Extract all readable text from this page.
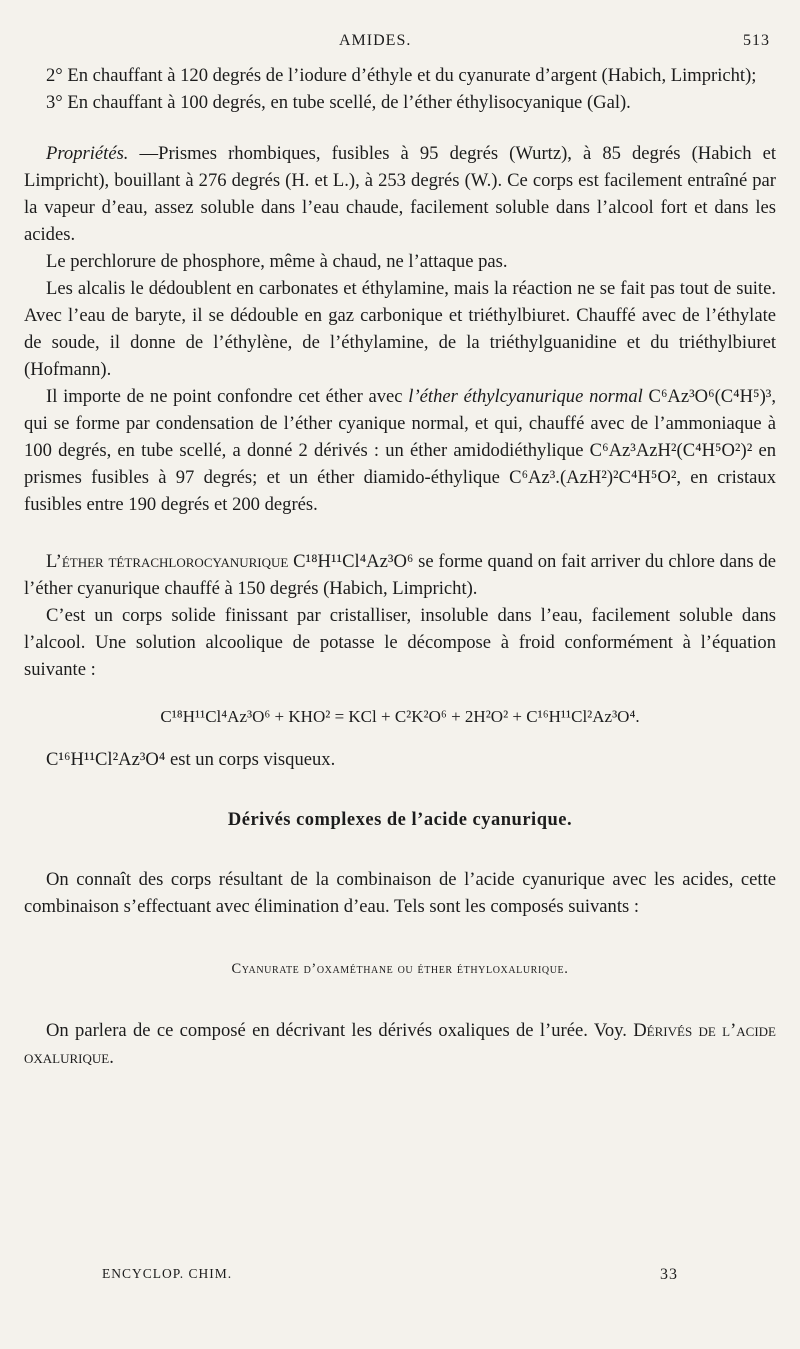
AMIDES.	513

2° En chauffant à 120 degrés de l’iodure d’éthyle et du cyanurate d’argent (Habich, Limpricht);

3° En chauffant à 100 degrés, en tube scellé, de l’éther éthylisocyanique (Gal).

Propriétés. —Prismes rhombiques, fusibles à 95 degrés (Wurtz), à 85 degrés (Habich et Limpricht), bouillant à 276 degrés (H. et L.), à 253 degrés (W.). Ce corps est facilement entraîné par la vapeur d’eau, assez soluble dans l’eau chaude, facilement soluble dans l’alcool fort et dans les acides.

Le perchlorure de phosphore, même à chaud, ne l’attaque pas.

Les alcalis le dédoublent en carbonates et éthylamine, mais la réaction ne se fait pas tout de suite. Avec l’eau de baryte, il se dédouble en gaz carbonique et triéthylbiuret. Chauffé avec de l’éthylate de soude, il donne de l’éthylène, de l’éthylamine, de la triéthylguanidine et du triéthylbiuret (Hofmann).

Il importe de ne point confondre cet éther avec l’éther éthylcyanurique normal C⁶Az³O⁶(C⁴H⁵)³, qui se forme par condensation de l’éther cyanique normal, et qui, chauffé avec de l’ammoniaque à 100 degrés, en tube scellé, a donné 2 dérivés : un éther amidodiéthylique C⁶Az³AzH²(C⁴H⁵O²)² en prismes fusibles à 97 degrés; et un éther diamido-éthylique C⁶Az³.(AzH²)²C⁴H⁵O², en cristaux fusibles entre 190 degrés et 200 degrés.

L’éther tétrachlorocyanurique C¹⁸H¹¹Cl⁴Az³O⁶ se forme quand on fait arriver du chlore dans de l’éther cyanurique chauffé à 150 degrés (Habich, Limpricht).

C’est un corps solide finissant par cristalliser, insoluble dans l’eau, facilement soluble dans l’alcool. Une solution alcoolique de potasse le décompose à froid conformément à l’équation suivante :

C¹⁸H¹¹Cl⁴Az³O⁶ + KHO² = KCl + C²K²O⁶ + 2H²O² + C¹⁶H¹¹Cl²Az³O⁴.

C¹⁶H¹¹Cl²Az³O⁴ est un corps visqueux.

Dérivés complexes de l’acide cyanurique.

On connaît des corps résultant de la combinaison de l’acide cyanurique avec les acides, cette combinaison s’effectuant avec élimination d’eau. Tels sont les composés suivants :

Cyanurate d’oxaméthane ou éther éthyloxalurique.

On parlera de ce composé en décrivant les dérivés oxaliques de l’urée. Voy. Dérivés de l’acide oxalurique.

ENCYCLOP. CHIM.	33
